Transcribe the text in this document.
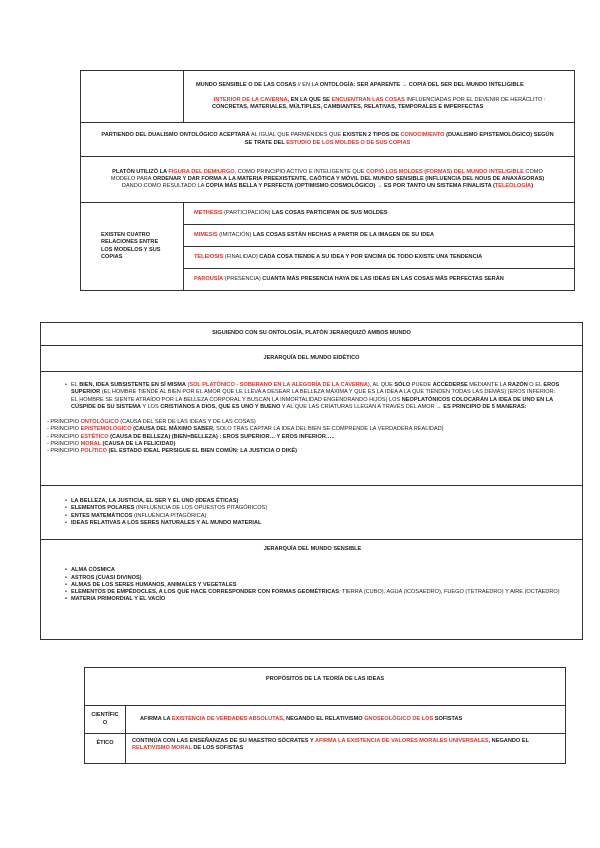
	MUNDO SENSIBLE O DE LAS COSAS // EN LA ONTOLOGÍA: SER APARENTE → COPIA DEL SER DEL MUNDO INTELIGIBLE

-INTERIOR DE LA CAVERNA, EN LA QUE SE ENCUENTRAN LAS COSAS INFLUENCIADAS POR EL DEVENIR DE HERÁCLITO : CONCRETAS, MATERIALES, MÚLTIPLES, CAMBIANTES, RELATIVAS, TEMPORALES E IMPERFECTAS

PARTIENDO DEL DUALISMO ONTOLÓGICO ACEPTARÁ AL IGUAL QUE PARMÉNIDES QUE EXISTEN 2 TIPOS DE CONOCIMIENTO (DUALISMO EPISTEMOLÓGICO) SEGÚN SE TRATE DEL ESTUDIO DE LOS MOLDES O DE SUS COPIAS	
PLATÓN UTILIZÓ LA FIGURA DEL DEMIURGO, COMO PRINCIPIO ACTIVO E INTELIGENTE QUE COPIÓ LOS MOLDES (FORMAS) DEL MUNDO INTELIGIBLE COMO MODELO PARA ORDENAR Y DAR FORMA A LA MATERIA PREEXISTENTE, CAÓTICA Y MÓVIL DEL MUNDO SENSIBLE (INFLUENCIA DEL NOUS DE ANAXÁGORAS) DANDO COMO RESULTADO LA COPIA MÁS BELLA Y PERFECTA (OPTIMISMO COSMOLÓGICO) → ES POR TANTO UN SISTEMA FINALISTA (TELEOLOGÍA)	

EXISTEN CUATRO RELACIONES ENTRE LOS MODELOS Y SUS COPIAS	METHESIS (PARTICIPACIÓN) LAS COSAS PARTICIPAN DE SUS MOLDES
	MIMESIS (IMITACIÓN) LAS COSAS ESTÁN HECHAS A PARTIR DE LA IMAGEN DE SU IDEA
	TELEIOSIS (FINALIDAD) CADA COSA TIENDE A SU IDEA Y POR ENCIMA DE TODO EXISTE UNA TENDENCIA
	PAROUSÍA (PRESENCIA) CUANTA MÁS PRESENCIA HAYA DE LAS IDEAS EN LAS COSAS MÁS PERFECTAS SERÁN
SIGUIENDO CON SU ONTOLOGÍA, PLATÓN JERARQUIZÓ AMBOS MUNDO
JERARQUÍA DEL MUNDO EIDÉTICO

• EL BIEN, IDEA SUBSISTENTE EN SÍ MISMA (SOL PLATÓNICO - SOBERANO EN LA ALEGORÍA DE LA CAVERNA), AL QUE SÓLO PUEDE ACCEDERSE MEDIANTE LA RAZÓN O EL EROS SUPERIOR (EL HOMBRE TIENDE AL BIEN POR EL AMOR QUE LE LLEVA A DESEAR LA BELLEZA MÁXIMA Y QUE ES LA IDEA A LA QUE TIENDEN TODAS LAS DEMÁS) (EROS INFERIOR: EL HOMBRE SE SIENTE ATRAÍDO POR LA BELLEZA CORPORAL Y BUSCAN LA INMORTALIDAD ENGENDRANDO HIJOS) LOS NEOPLATÓNICOS COLOCARÁN LA IDEA DE UNO EN LA CÚSPIDE DE SU SISTEMA Y LOS CRISTIANOS A DIOS, QUE ES UNO Y BUENO Y AL QUE LAS CRIATURAS LLEGAN A TRAVÉS DEL AMOR → ES PRINCIPIO DE 5 MANERAS:

- PRINCIPIO ONTOLÓGICO (CAUSA DEL SER DE LAS IDEAS Y DE LAS COSAS)

- PRINCIPIO EPISTEMOLÓGICO (CAUSA DEL MÁXIMO SABER, SOLO TRAS CAPTAR LA IDEA DEL BIEN SE COMPRENDE LA VERDADERA REALIDAD)

- PRINCIPIO ESTÉTICO (CAUSA DE BELLEZA) (BIEN=BELLEZA) : EROS SUPERIOR… Y EROS INFERIOR…..

- PRINCIPIO MORAL (CAUSA DE LA FELICIDAD)

- PRINCIPIO POLÍTICO (EL ESTADO IDEAL PERSIGUE EL BIEN COMÚN: LA JUSTICIA O DIKÉ)

• LA BELLEZA, LA JUSTICIA, EL SER Y EL UNO (IDEAS ÉTICAS)
• ELEMENTOS POLARES (INFLUENCIA DE LOS OPUESTOS PITAGÓRICOS)
• ENTES MATEMÁTICOS (INFLUENCIA PITAGÓRICA)
• IDEAS RELATIVAS A LOS SERES NATURALES Y AL MUNDO MATERIAL

JERARQUÍA DEL MUNDO SENSIBLE

• ALMA CÓSMICA
• ASTROS (CUASI DIVINOS)
• ALMAS DE LOS SERES HUMANOS, ANIMALES Y VEGETALES
• ELEMENTOS DE EMPÉDOCLES, A LOS QUE HACE CORRESPONDER CON FORMAS GEOMÉTRICAS: TIERRA (CUBO), AGUA (ICOSAEDRO), FUEGO (TETRAEDRO) Y AIRE (OCTAEDRO)
• MATERIA PRIMORDIAL Y EL VACÍO
PROPÓSITOS DE LA TEORÍA DE LAS IDEAS	
CIENTÍFIC
O	AFIRMA LA EXISTENCIA DE VERDADES ABSOLUTAS, NEGANDO EL RELATIVISMO GNOSEOLÓGICO DE LOS SOFISTAS
ÉTICO	CONTINÚA CON LAS ENSEÑANZAS DE SU MAESTRO SÓCRATES Y AFIRMA LA EXISTENCIA DE VALORES MORALES UNIVERSALES, NEGANDO EL RELATIVISMO MORAL DE LOS SOFISTAS
